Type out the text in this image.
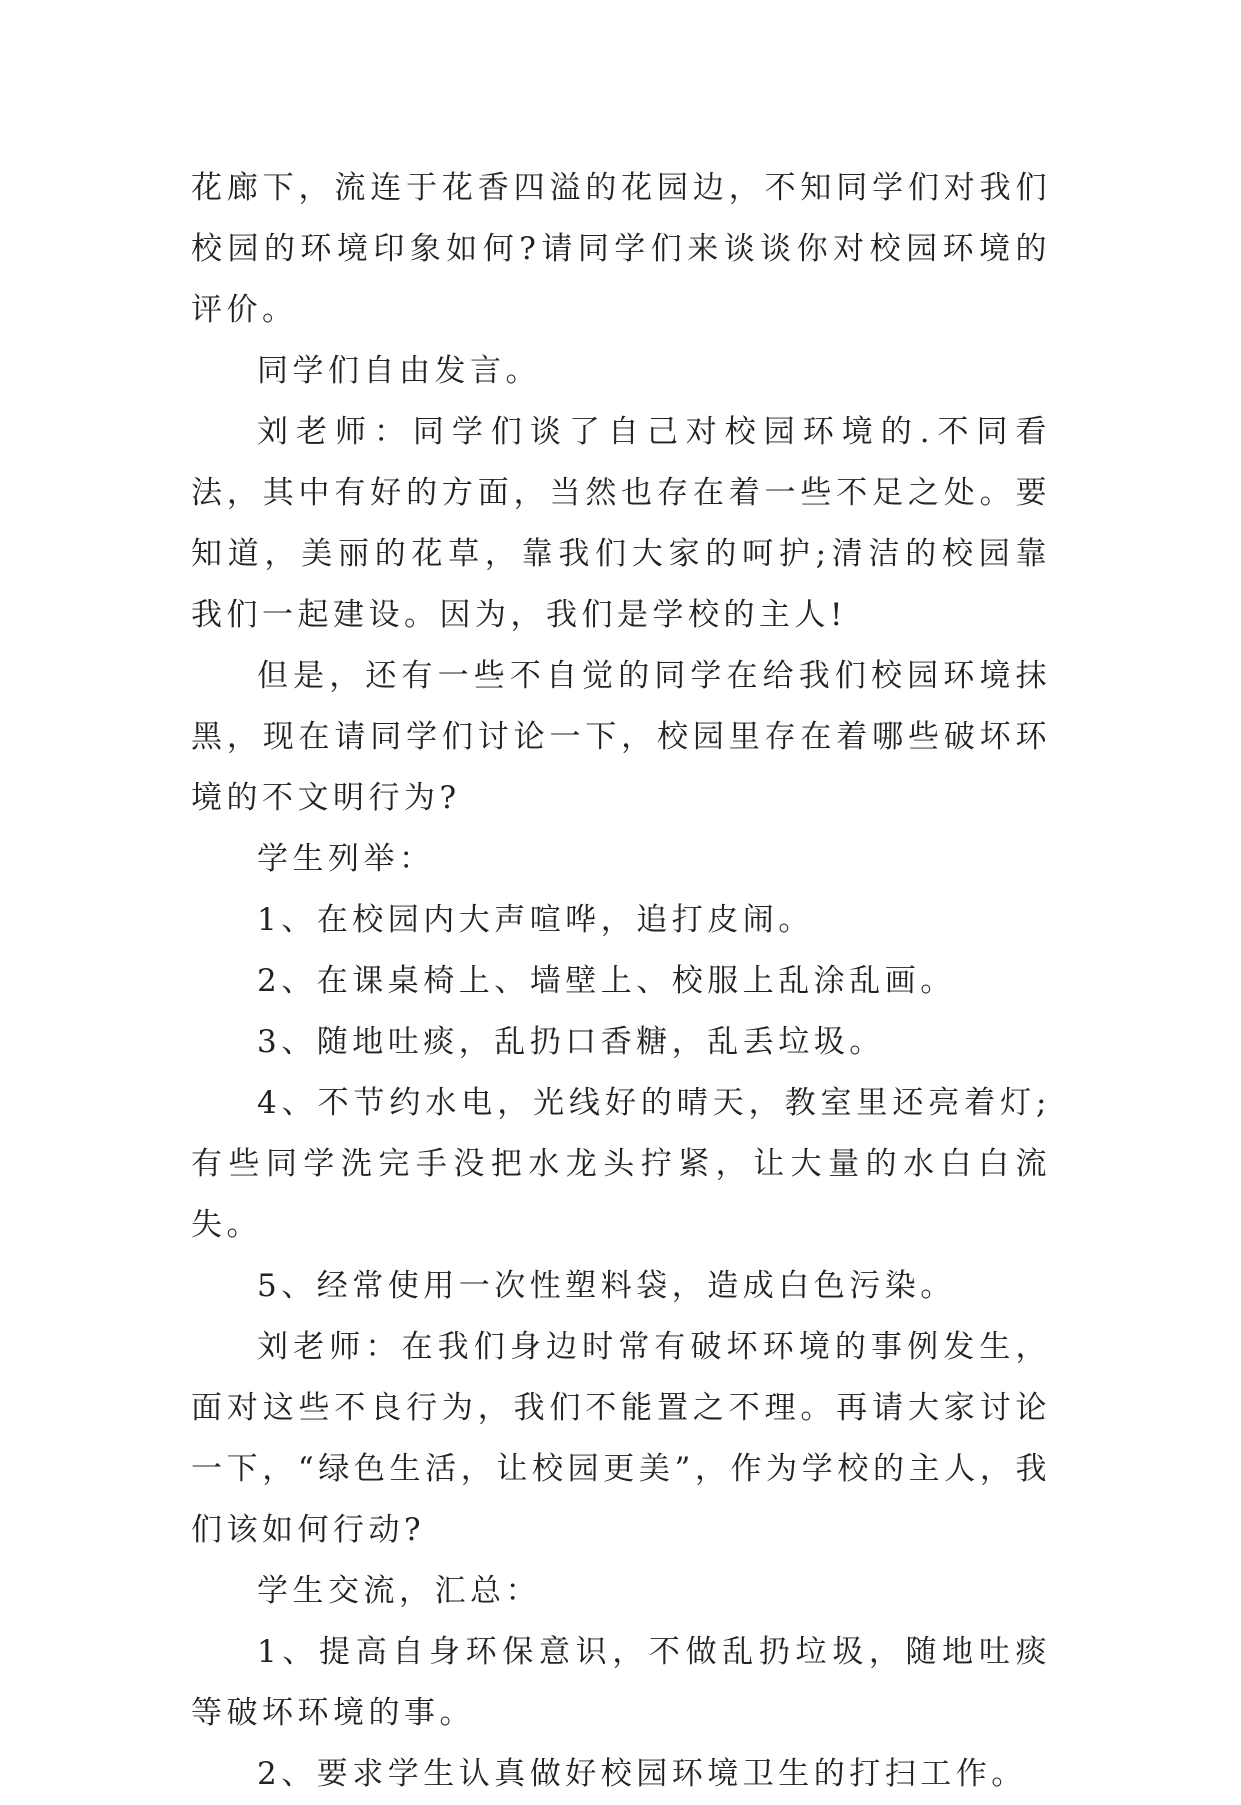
花廊下，流连于花香四溢的花园边，不知同学们对我们校园的环境印象如何?请同学们来谈谈你对校园环境的评价。

同学们自由发言。

刘老师：同学们谈了自己对校园环境的.不同看法，其中有好的方面，当然也存在着一些不足之处。要知道，美丽的花草，靠我们大家的呵护;清洁的校园靠我们一起建设。因为，我们是学校的主人!

但是，还有一些不自觉的同学在给我们校园环境抹黑，现在请同学们讨论一下，校园里存在着哪些破坏环境的不文明行为?

学生列举：

1、在校园内大声喧哗，追打皮闹。

2、在课桌椅上、墙壁上、校服上乱涂乱画。

3、随地吐痰，乱扔口香糖，乱丢垃圾。

4、不节约水电，光线好的晴天，教室里还亮着灯;有些同学洗完手没把水龙头拧紧，让大量的水白白流失。

5、经常使用一次性塑料袋，造成白色污染。

刘老师：在我们身边时常有破坏环境的事例发生，面对这些不良行为，我们不能置之不理。再请大家讨论一下，“绿色生活，让校园更美”，作为学校的主人，我们该如何行动?

学生交流，汇总：

1、提高自身环保意识，不做乱扔垃圾，随地吐痰等破坏环境的事。

2、要求学生认真做好校园环境卫生的打扫工作。
